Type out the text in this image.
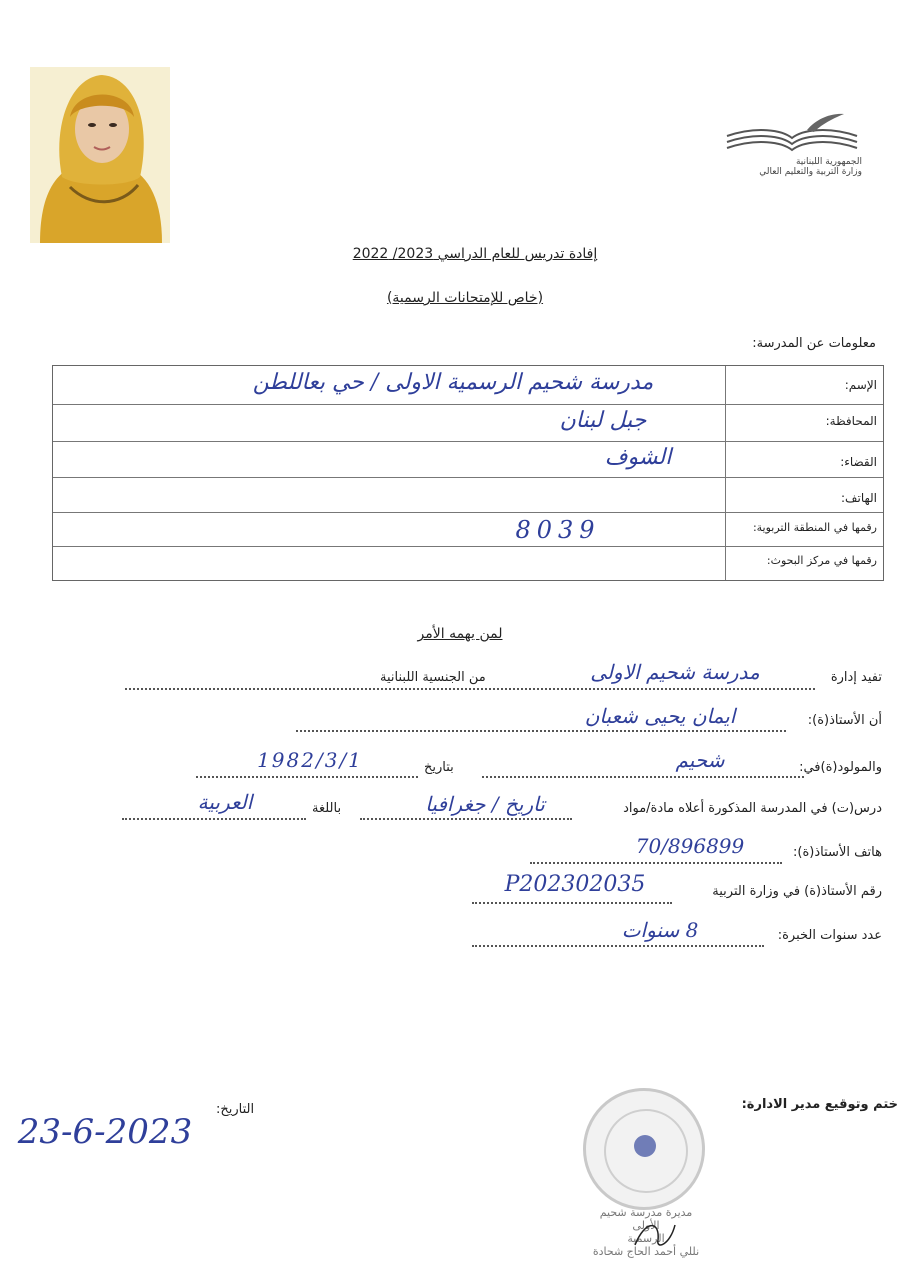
الجمهورية اللبنانية
وزارة التربية والتعليم العالي
إفادة تدريس للعام الدراسي 2023/ 2022
(خاص للإمتحانات الرسمية)
معلومات عن المدرسة:
الإسم:
مدرسة شحيم الرسمية الاولى / حي بعاللطن
المحافظة:
جبل لبنان
القضاء:
الشوف
الهاتف:
رقمها في المنطقة التربوية:
8039
رقمها في مركز البحوث:
لمن يهمه الأمر
تفيد إدارة
مدرسة شحيم الاولى
من الجنسية اللبنانية
أن الأستاذ(ة):
ايمان يحيى شعبان
والمولود(ة)في:
شحيم
بتاريخ
1982/3/1
درس(ت) في المدرسة المذكورة أعلاه مادة/مواد
تاريخ / جغرافيا
باللغة
العربية
هاتف الأستاذ(ة):
70/896899
رقم الأستاذ(ة) في وزارة التربية
P202302035
عدد سنوات الخبرة:
8 سنوات
ختم وتوقيع مدير الادارة:
التاريخ:
23-6-2023
مديرة مدرسة شحيم الأولى
الرسمية
نللي أحمد الحاج شحادة
